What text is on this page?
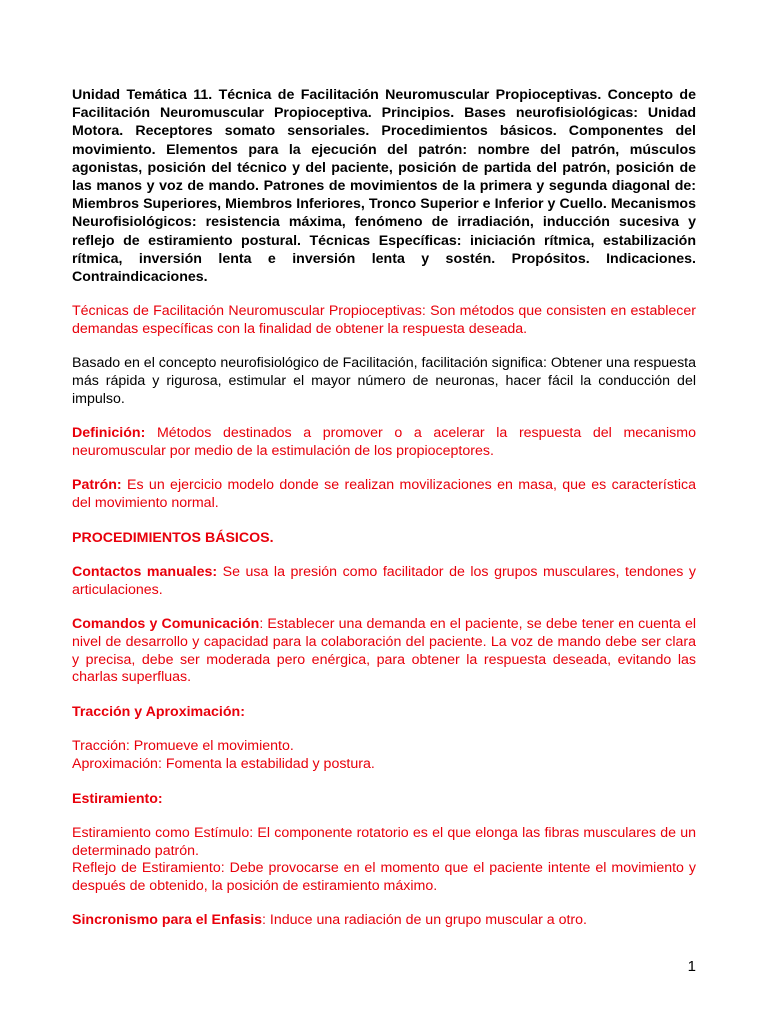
Unidad Temática 11. Técnica de Facilitación Neuromuscular Propioceptivas. Concepto de Facilitación Neuromuscular Propioceptiva. Principios. Bases neurofisiológicas: Unidad Motora. Receptores somato sensoriales. Procedimientos básicos. Componentes del movimiento. Elementos para la ejecución del patrón: nombre del patrón, músculos agonistas, posición del técnico y del paciente, posición de partida del patrón, posición de las manos y voz de mando. Patrones de movimientos de la primera y segunda diagonal de: Miembros Superiores, Miembros Inferiores, Tronco Superior e Inferior y Cuello. Mecanismos Neurofisiológicos: resistencia máxima, fenómeno de irradiación, inducción sucesiva y reflejo de estiramiento postural. Técnicas Específicas: iniciación rítmica, estabilización rítmica, inversión lenta e inversión lenta y sostén. Propósitos. Indicaciones. Contraindicaciones.

Técnicas de Facilitación Neuromuscular Propioceptivas: Son métodos que consisten en establecer demandas específicas con la finalidad de obtener la respuesta deseada.

Basado en el concepto neurofisiológico de Facilitación, facilitación significa: Obtener una respuesta más rápida y rigurosa, estimular el mayor número de neuronas, hacer fácil la conducción del impulso.

Definición: Métodos destinados a promover o a acelerar la respuesta del mecanismo neuromuscular por medio de la estimulación de los propioceptores.

Patrón: Es un ejercicio modelo donde se realizan movilizaciones en masa, que es característica del movimiento normal.

PROCEDIMIENTOS BÁSICOS.

Contactos manuales: Se usa la presión como facilitador de los grupos musculares, tendones y articulaciones.

Comandos y Comunicación: Establecer una demanda en el paciente, se debe tener en cuenta el nivel de desarrollo y capacidad para la colaboración del paciente. La voz de mando debe ser clara y precisa, debe ser moderada pero enérgica, para obtener la respuesta deseada, evitando las charlas superfluas.

Tracción y Aproximación:

Tracción: Promueve el movimiento.

Aproximación: Fomenta la estabilidad y postura.

Estiramiento:

Estiramiento como Estímulo: El componente rotatorio es el que elonga las fibras musculares de un determinado patrón.

Reflejo de Estiramiento: Debe provocarse en el momento que el paciente intente el movimiento y después de obtenido, la posición de estiramiento máximo.

Sincronismo para el Enfasis: Induce una radiación de un grupo muscular a otro.

1
